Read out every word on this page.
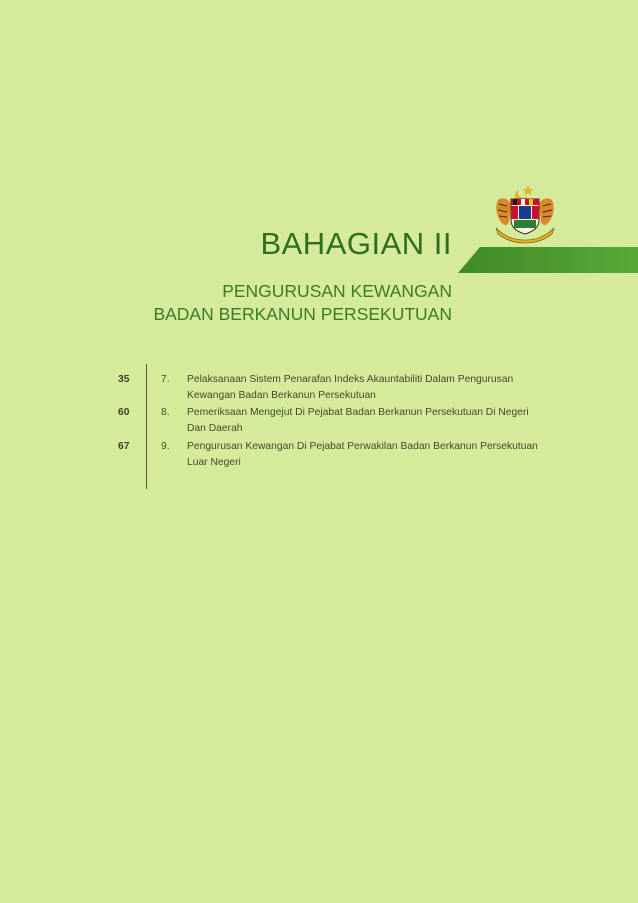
BAHAGIAN II
PENGURUSAN KEWANGAN
BADAN BERKANUN PERSEKUTUAN
35	7. Pelaksanaan Sistem Penarafan Indeks Akauntabiliti Dalam Pengurusan
Kewangan Badan Berkanun Persekutuan
60	8. Pemeriksaan Mengejut Di Pejabat Badan Berkanun Persekutuan Di Negeri
Dan Daerah
67	9. Pengurusan Kewangan Di Pejabat Perwakilan Badan Berkanun Persekutuan
Luar Negeri
